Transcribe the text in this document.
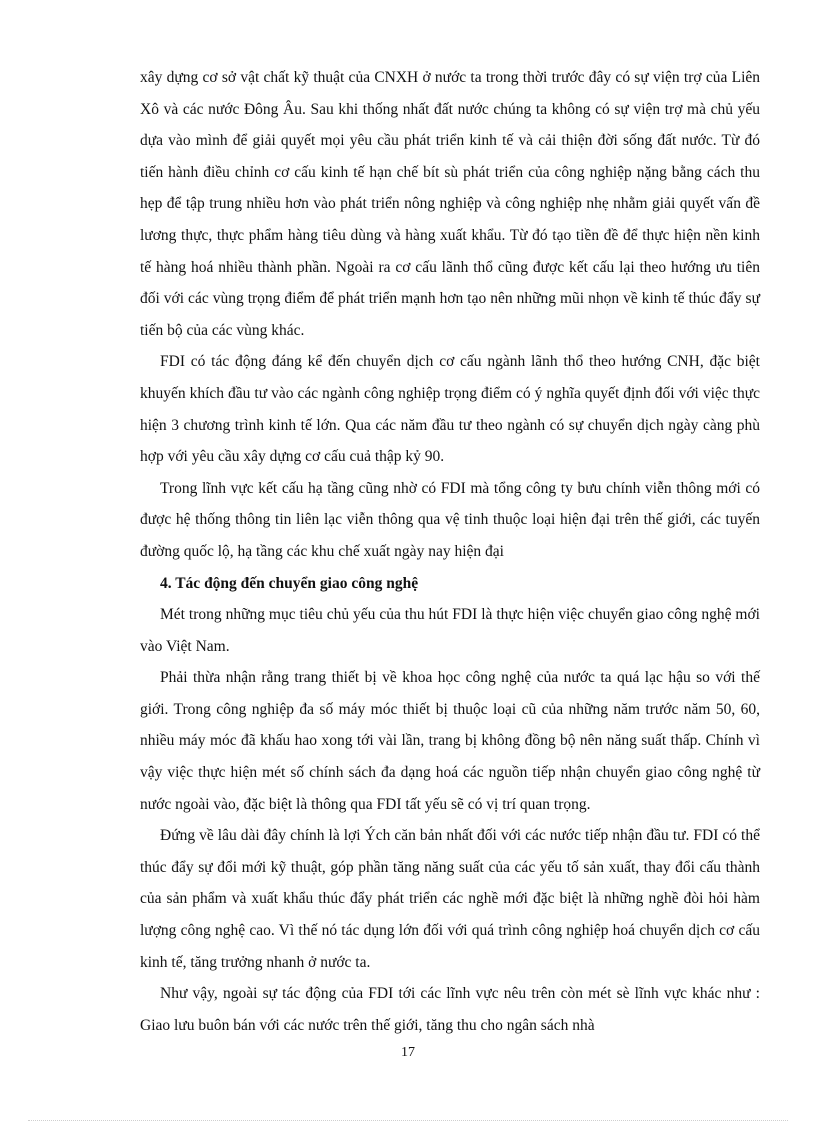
xây dựng cơ sở vật chất kỹ thuật của CNXH ở nước ta trong thời trước đây có sự viện trợ của Liên Xô và các nước Đông Âu. Sau khi thống nhất đất nước chúng ta không có sự viện trợ mà chủ yếu dựa vào mình để giải quyết mọi yêu cầu phát triển kinh tế và cải thiện đời sống đất nước. Từ đó tiến hành điều chỉnh cơ cấu kinh tế hạn chế bít sù phát triển của công nghiệp nặng bằng cách thu hẹp để tập trung nhiều hơn vào phát triển nông nghiệp và công nghiệp nhẹ nhằm giải quyết vấn đề lương thực, thực phẩm hàng tiêu dùng và hàng xuất khẩu. Từ đó tạo tiền đề để thực hiện nền kinh tế hàng hoá nhiều thành phần. Ngoài ra cơ cấu lãnh thổ cũng được kết cấu lại theo hướng ưu tiên đối với các vùng trọng điểm để phát triển mạnh hơn tạo nên những mũi nhọn về kinh tế thúc đẩy sự tiến bộ của các vùng khác.

FDI có tác động đáng kể đến chuyển dịch cơ cấu ngành lãnh thổ theo hướng CNH, đặc biệt khuyến khích đầu tư vào các ngành công nghiệp trọng điểm có ý nghĩa quyết định đối với việc thực hiện 3 chương trình kinh tế lớn. Qua các năm đầu tư theo ngành có sự chuyển dịch ngày càng phù hợp với yêu cầu xây dựng cơ cấu cuả thập kỷ 90.

Trong lĩnh vực kết cấu hạ tầng cũng nhờ có FDI mà tổng công ty bưu chính viễn thông mới có được hệ thống thông tin liên lạc viễn thông qua vệ tinh thuộc loại hiện đại trên thế giới, các tuyến đường quốc lộ, hạ tầng các khu chế xuất ngày nay hiện đại

4. Tác động đến chuyển giao công nghệ

Mét trong những mục tiêu chủ yếu của thu hút FDI là thực hiện việc chuyển giao công nghệ mới vào Việt Nam.

Phải thừa nhận rằng trang thiết bị về khoa học công nghệ của nước ta quá lạc hậu so với thế giới. Trong công nghiệp đa số máy móc thiết bị thuộc loại cũ của những năm trước năm 50, 60, nhiều máy móc đã khấu hao xong tới vài lần, trang bị không đồng bộ nên năng suất thấp. Chính vì vậy việc thực hiện mét số chính sách đa dạng hoá các nguồn tiếp nhận chuyển giao công nghệ từ nước ngoài vào, đặc biệt là thông qua FDI tất yếu sẽ có vị trí quan trọng.

Đứng về lâu dài đây chính là lợi Ých căn bản nhất đối với các nước tiếp nhận đầu tư. FDI có thể thúc đẩy sự đổi mới kỹ thuật, góp phần tăng năng suất của các yếu tố sản xuất, thay đổi cấu thành của sản phẩm và xuất khẩu thúc đẩy phát triển các nghề mới đặc biệt là những nghề đòi hỏi hàm lượng công nghệ cao. Vì thế nó tác dụng lớn đối với quá trình công nghiệp hoá chuyển dịch cơ cấu kinh tế, tăng trưởng nhanh ở nước ta.

Như vậy, ngoài sự tác động của FDI tới các lĩnh vực nêu trên còn mét sè lĩnh vực khác như : Giao lưu buôn bán với các nước trên thế giới, tăng thu cho ngân sách nhà

17
